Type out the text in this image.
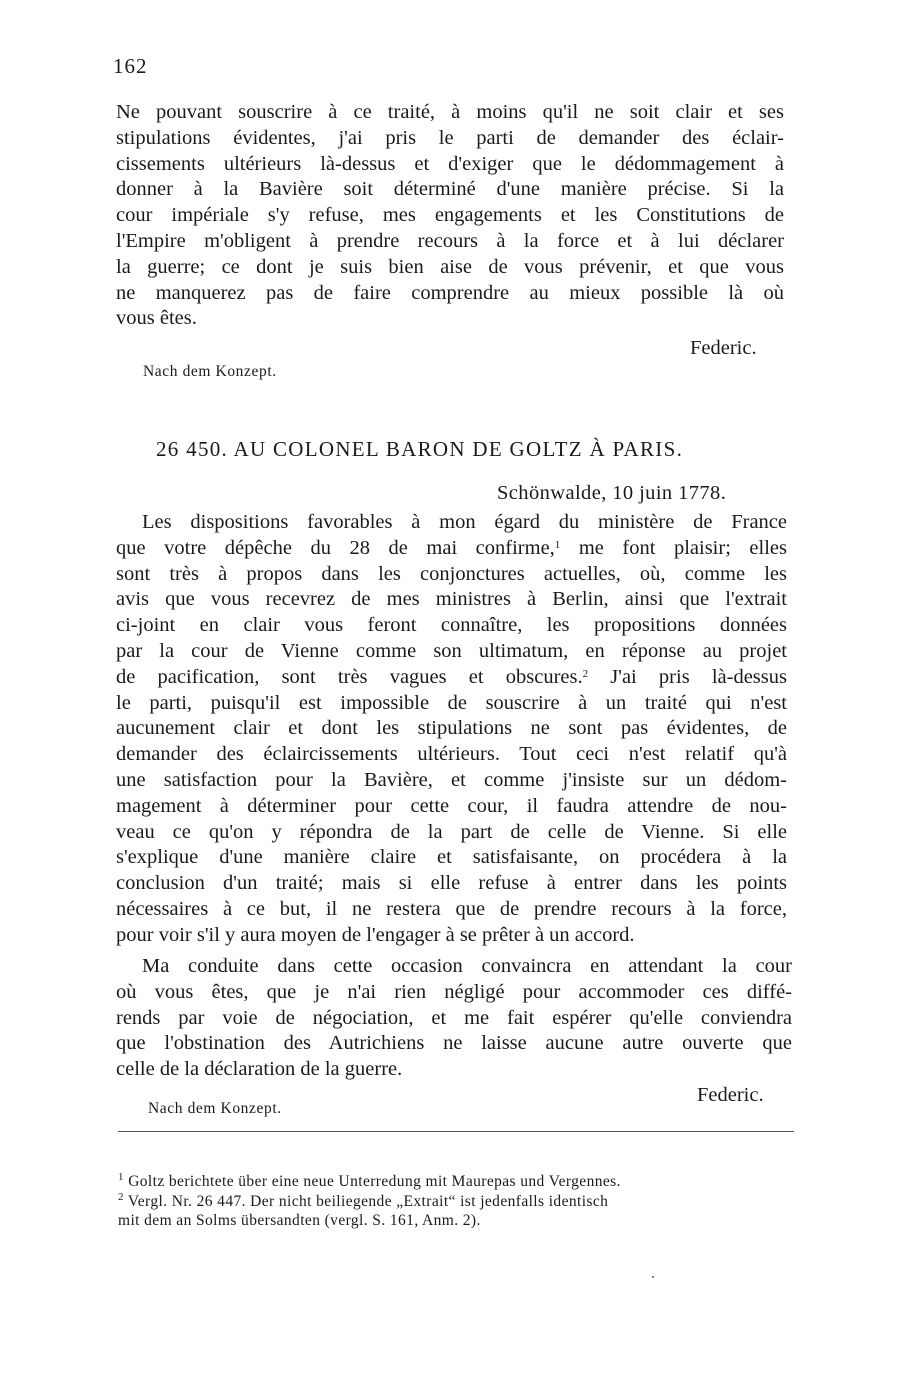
162
Ne pouvant souscrire à ce traité, à moins qu'il ne soit clair et ses
stipulations évidentes, j'ai pris le parti de demander des éclair-
cissements ultérieurs là-dessus et d'exiger que le dédommagement à
donner à la Bavière soit déterminé d'une manière précise. Si la
cour impériale s'y refuse, mes engagements et les Constitutions de
l'Empire m'obligent à prendre recours à la force et à lui déclarer
la guerre; ce dont je suis bien aise de vous prévenir, et que vous
ne manquerez pas de faire comprendre au mieux possible là où
vous êtes.
Federic.
Nach dem Konzept.
26 450. AU COLONEL BARON DE GOLTZ À PARIS.
Schönwalde, 10 juin 1778.
Les dispositions favorables à mon égard du ministère de France
que votre dépêche du 28 de mai confirme,$^1$ me font plaisir; elles
sont très à propos dans les conjonctures actuelles, où, comme les
avis que vous recevrez de mes ministres à Berlin, ainsi que l'extrait
ci-joint en clair vous feront connaître, les propositions données
par la cour de Vienne comme son ultimatum, en réponse au projet
de pacification, sont très vagues et obscures.$^2$ J'ai pris là-dessus
le parti, puisqu'il est impossible de souscrire à un traité qui n'est
aucunement clair et dont les stipulations ne sont pas évidentes, de
demander des éclaircissements ultérieurs. Tout ceci n'est relatif qu'à
une satisfaction pour la Bavière, et comme j'insiste sur un dédom-
magement à déterminer pour cette cour, il faudra attendre de nou-
veau ce qu'on y répondra de la part de celle de Vienne. Si elle
s'explique d'une manière claire et satisfaisante, on procédera à la
conclusion d'un traité; mais si elle refuse à entrer dans les points
nécessaires à ce but, il ne restera que de prendre recours à la force,
pour voir s'il y aura moyen de l'engager à se prêter à un accord.
Ma conduite dans cette occasion convaincra en attendant la cour
où vous êtes, que je n'ai rien négligé pour accommoder ces diffé-
rends par voie de négociation, et me fait espérer qu'elle conviendra
que l'obstination des Autrichiens ne laisse aucune autre ouverte que
celle de la déclaration de la guerre.
Federic.
Nach dem Konzept.
$^1$ Goltz berichtete über eine neue Unterredung mit Maurepas und Vergennes.
$^2$ Vergl. Nr. 26 447. Der nicht beiliegende „Extrait“ ist jedenfalls identisch
mit dem an Solms übersandten (vergl. S. 161, Anm. 2).
